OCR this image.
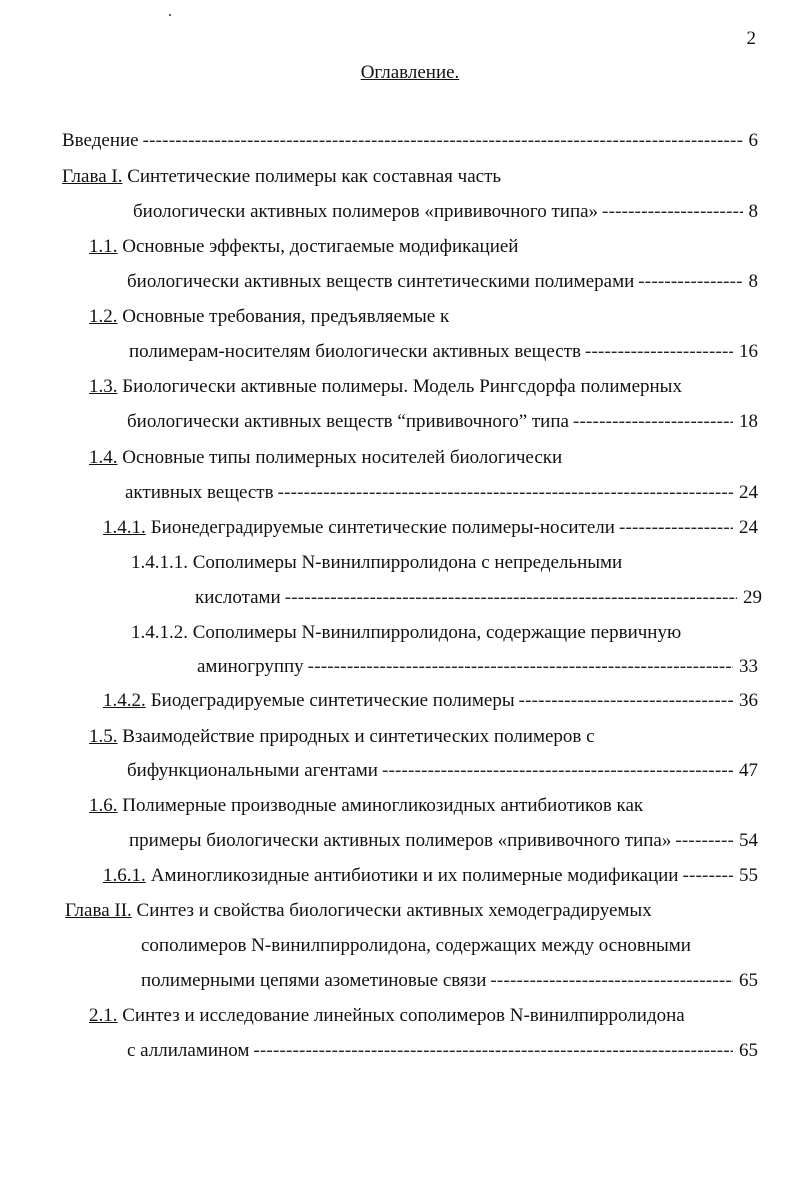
2
Оглавление.
Введение -----	6
Глава I. Синтетические полимеры как составная часть
биологически активных полимеров «прививочного типа» -----	8
1.1. Основные эффекты, достигаемые модификацией
биологически активных веществ синтетическими полимерами -----	8
1.2. Основные требования, предъявляемые к
полимерам-носителям биологически активных веществ -----	16
1.3. Биологически активные полимеры. Модель Рингсдорфа полимерных
биологически активных веществ “прививочного” типа -----	18
1.4. Основные типы полимерных носителей биологически
активных веществ -----	24
1.4.1. Бионедеградируемые синтетические полимеры-носители -----	24
1.4.1.1. Сополимеры N-винилпирролидона с непредельными
кислотами -----	29
1.4.1.2. Сополимеры N-винилпирролидона, содержащие первичную
аминогруппу -----	33
1.4.2. Биодеградируемые синтетические полимеры -----	36
1.5. Взаимодействие природных и синтетических полимеров с
бифункциональными агентами -----	47
1.6. Полимерные производные аминогликозидных антибиотиков как
примеры биологически активных полимеров «прививочного типа» -----	54
1.6.1. Аминогликозидные антибиотики и их полимерные модификации -----	55
Глава II. Синтез и свойства биологически активных хемодеградируемых
сополимеров N-винилпирролидона, содержащих между основными
полимерными цепями азометиновые связи -----	65
2.1. Синтез и исследование линейных сополимеров N-винилпирролидона
с аллиламином -----	65
